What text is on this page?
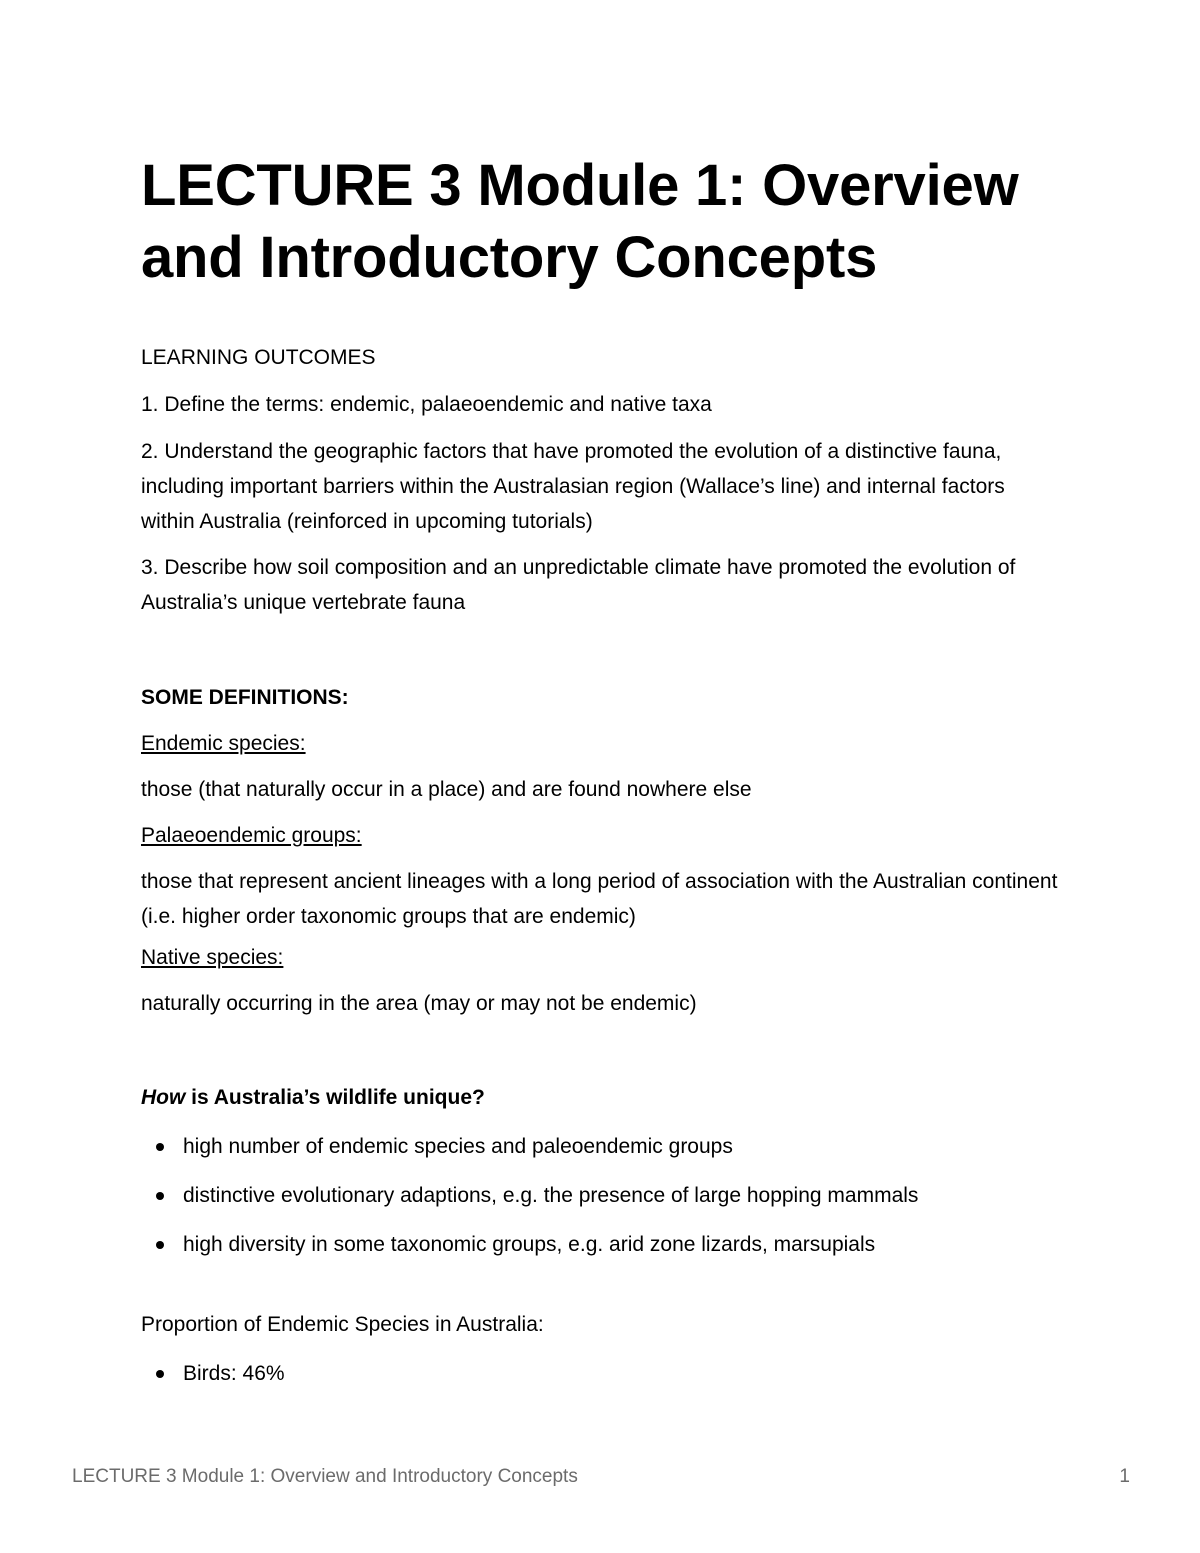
LECTURE 3 Module 1: Overview and Introductory Concepts

LEARNING OUTCOMES

1. Define the terms: endemic, palaeoendemic and native taxa

2. Understand the geographic factors that have promoted the evolution of a distinctive fauna, including important barriers within the Australasian region (Wallace’s line) and internal factors within Australia (reinforced in upcoming tutorials)

3. Describe how soil composition and an unpredictable climate have promoted the evolution of Australia’s unique vertebrate fauna

SOME DEFINITIONS:

Endemic species:

those (that naturally occur in a place) and are found nowhere else

Palaeoendemic groups:

those that represent ancient lineages with a long period of association with the Australian continent (i.e. higher order taxonomic groups that are endemic)

Native species:

naturally occurring in the area (may or may not be endemic)

How is Australia’s wildlife unique?

high number of endemic species and paleoendemic groups
distinctive evolutionary adaptions, e.g. the presence of large hopping mammals
high diversity in some taxonomic groups, e.g. arid zone lizards, marsupials

Proportion of Endemic Species in Australia:

Birds: 46%
LECTURE 3 Module 1: Overview and Introductory Concepts	1
